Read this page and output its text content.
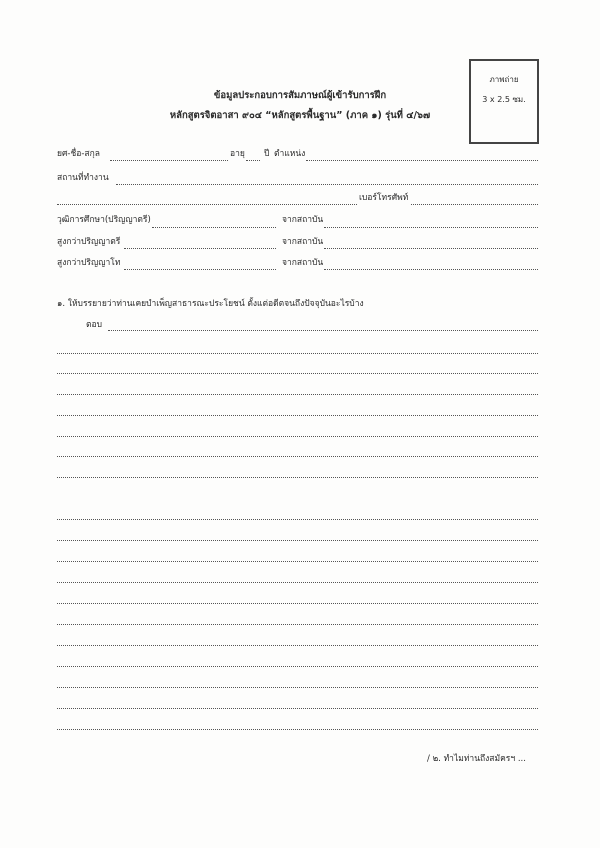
ข้อมูลประกอบการสัมภาษณ์ผู้เข้ารับการฝึก
หลักสูตรจิตอาสา ๙๐๔ “หลักสูตรพื้นฐาน” (ภาค ๑) รุ่นที่ ๔/๖๗
ภาพถ่าย
3 x 2.5 ซม.
ยศ-ชื่อ-สกุล	อายุ ปี ตำแหน่ง
สถานที่ทำงาน
เบอร์โทรศัพท์
วุฒิการศึกษา(ปริญญาตรี)	จากสถาบัน
สูงกว่าปริญญาตรี	จากสถาบัน
สูงกว่าปริญญาโท	จากสถาบัน
๑. ให้บรรยายว่าท่านเคยบำเพ็ญสาธารณะประโยชน์ ตั้งแต่อดีตจนถึงปัจจุบันอะไรบ้าง
ตอบ
/ ๒. ทำไมท่านถึงสมัครฯ ...
